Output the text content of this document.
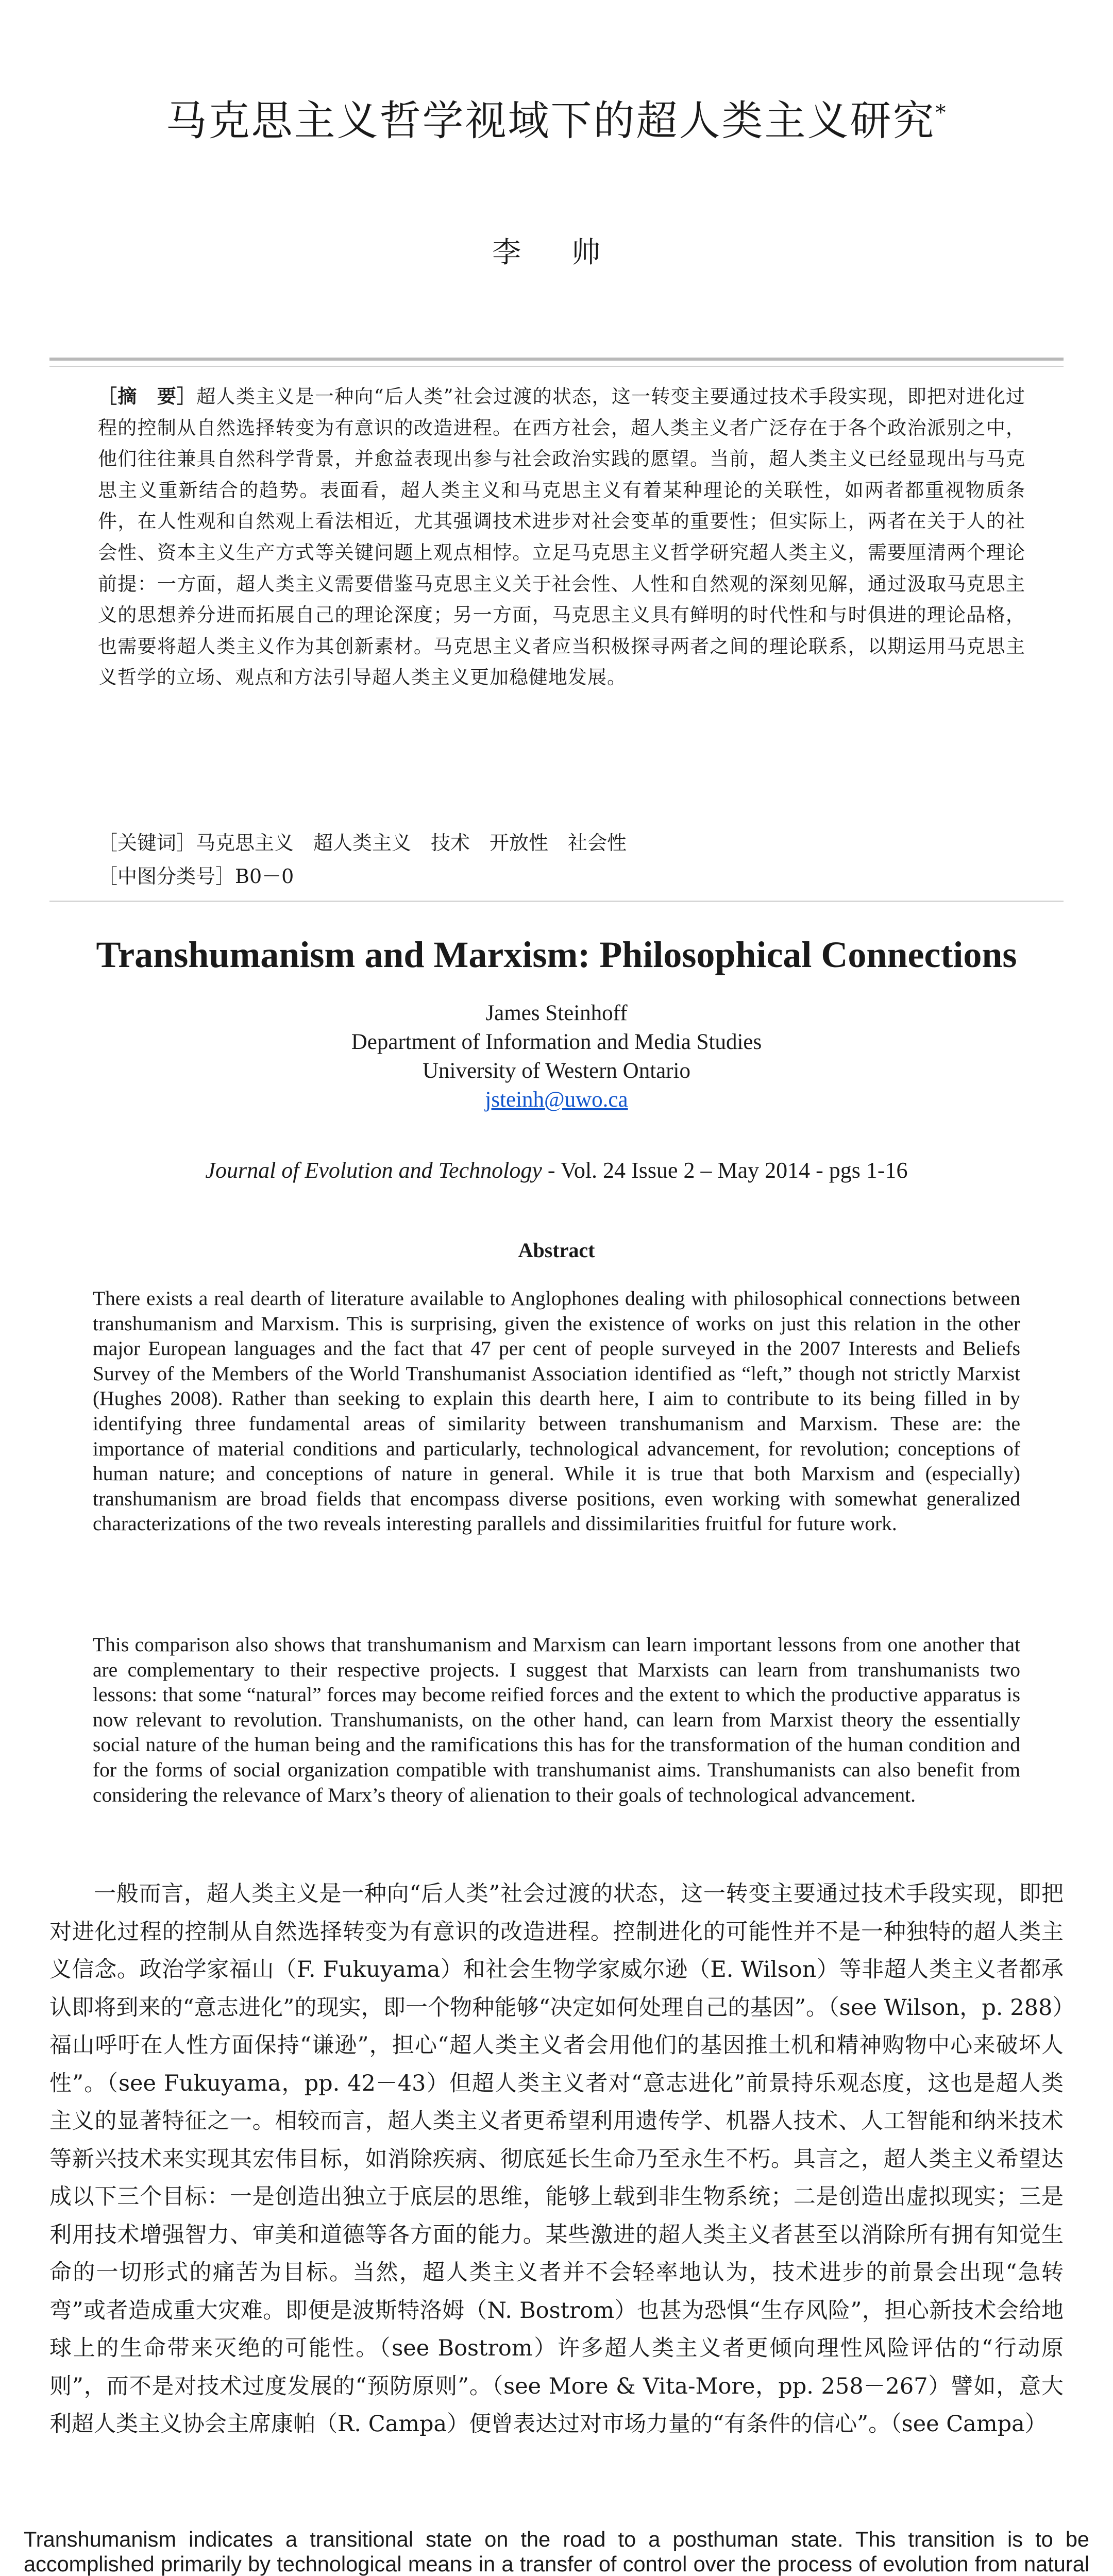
马克思主义哲学视域下的超人类主义研究*
李 帅
［摘　要］超人类主义是一种向“后人类”社会过渡的状态，这一转变主要通过技术手段实现，即把对进化过程的控制从自然选择转变为有意识的改造进程。在西方社会，超人类主义者广泛存在于各个政治派别之中，他们往往兼具自然科学背景，并愈益表现出参与社会政治实践的愿望。当前，超人类主义已经显现出与马克思主义重新结合的趋势。表面看，超人类主义和马克思主义有着某种理论的关联性，如两者都重视物质条件，在人性观和自然观上看法相近，尤其强调技术进步对社会变革的重要性；但实际上，两者在关于人的社会性、资本主义生产方式等关键问题上观点相悖。立足马克思主义哲学研究超人类主义，需要厘清两个理论前提：一方面，超人类主义需要借鉴马克思主义关于社会性、人性和自然观的深刻见解，通过汲取马克思主义的思想养分进而拓展自己的理论深度；另一方面，马克思主义具有鲜明的时代性和与时俱进的理论品格，也需要将超人类主义作为其创新素材。马克思主义者应当积极探寻两者之间的理论联系，以期运用马克思主义哲学的立场、观点和方法引导超人类主义更加稳健地发展。
［关键词］马克思主义　超人类主义　技术　开放性　社会性
［中图分类号］B0－0
Transhumanism and Marxism: Philosophical Connections
James Steinhoff
Department of Information and Media Studies
University of Western Ontario
jsteinh@uwo.ca
Journal of Evolution and Technology - Vol. 24 Issue 2 – May 2014 - pgs 1-16
Abstract
There exists a real dearth of literature available to Anglophones dealing with philosophical connections between transhumanism and Marxism. This is surprising, given the existence of works on just this relation in the other major European languages and the fact that 47 per cent of people surveyed in the 2007 Interests and Beliefs Survey of the Members of the World Transhumanist Association identified as “left,” though not strictly Marxist (Hughes 2008). Rather than seeking to explain this dearth here, I aim to contribute to its being filled in by identifying three fundamental areas of similarity between transhumanism and Marxism. These are: the importance of material conditions and particularly, technological advancement, for revolution; conceptions of human nature; and conceptions of nature in general. While it is true that both Marxism and (especially) transhumanism are broad fields that encompass diverse positions, even working with somewhat generalized characterizations of the two reveals interesting parallels and dissimilarities fruitful for future work.
This comparison also shows that transhumanism and Marxism can learn important lessons from one another that are complementary to their respective projects. I suggest that Marxists can learn from transhumanists two lessons: that some “natural” forces may become reified forces and the extent to which the productive apparatus is now relevant to revolution. Transhumanists, on the other hand, can learn from Marxist theory the essentially social nature of the human being and the ramifications this has for the transformation of the human condition and for the forms of social organization compatible with transhumanist aims. Transhumanists can also benefit from considering the relevance of Marx’s theory of alienation to their goals of technological advancement.
一般而言，超人类主义是一种向“后人类”社会过渡的状态，这一转变主要通过技术手段实现，即把对进化过程的控制从自然选择转变为有意识的改造进程。控制进化的可能性并不是一种独特的超人类主义信念。政治学家福山（F. Fukuyama）和社会生物学家威尔逊（E. Wilson）等非超人类主义者都承认即将到来的“意志进化”的现实，即一个物种能够“决定如何处理自己的基因”。（see Wilson，p. 288）福山呼吁在人性方面保持“谦逊”，担心“超人类主义者会用他们的基因推土机和精神购物中心来破坏人性”。（see Fukuyama，pp. 42－43）但超人类主义者对“意志进化”前景持乐观态度，这也是超人类主义的显著特征之一。相较而言，超人类主义者更希望利用遗传学、机器人技术、人工智能和纳米技术等新兴技术来实现其宏伟目标，如消除疾病、彻底延长生命乃至永生不朽。具言之，超人类主义希望达成以下三个目标：一是创造出独立于底层的思维，能够上载到非生物系统；二是创造出虚拟现实；三是利用技术增强智力、审美和道德等各方面的能力。某些激进的超人类主义者甚至以消除所有拥有知觉生命的一切形式的痛苦为目标。当然，超人类主义者并不会轻率地认为，技术进步的前景会出现“急转弯”或者造成重大灾难。即便是波斯特洛姆（N. Bostrom）也甚为恐惧“生存风险”，担心新技术会给地球上的生命带来灭绝的可能性。（see Bostrom）许多超人类主义者更倾向理性风险评估的“行动原则”，而不是对技术过度发展的“预防原则”。（see More & Vita-More，pp. 258－267）譬如，意大利超人类主义协会主席康帕（R. Campa）便曾表达过对市场力量的“有条件的信心”。（see Campa）
Transhumanism indicates a transitional state on the road to a posthuman state. This transition is to be accomplished primarily by technological means in a transfer of control over the process of evolution from natural
